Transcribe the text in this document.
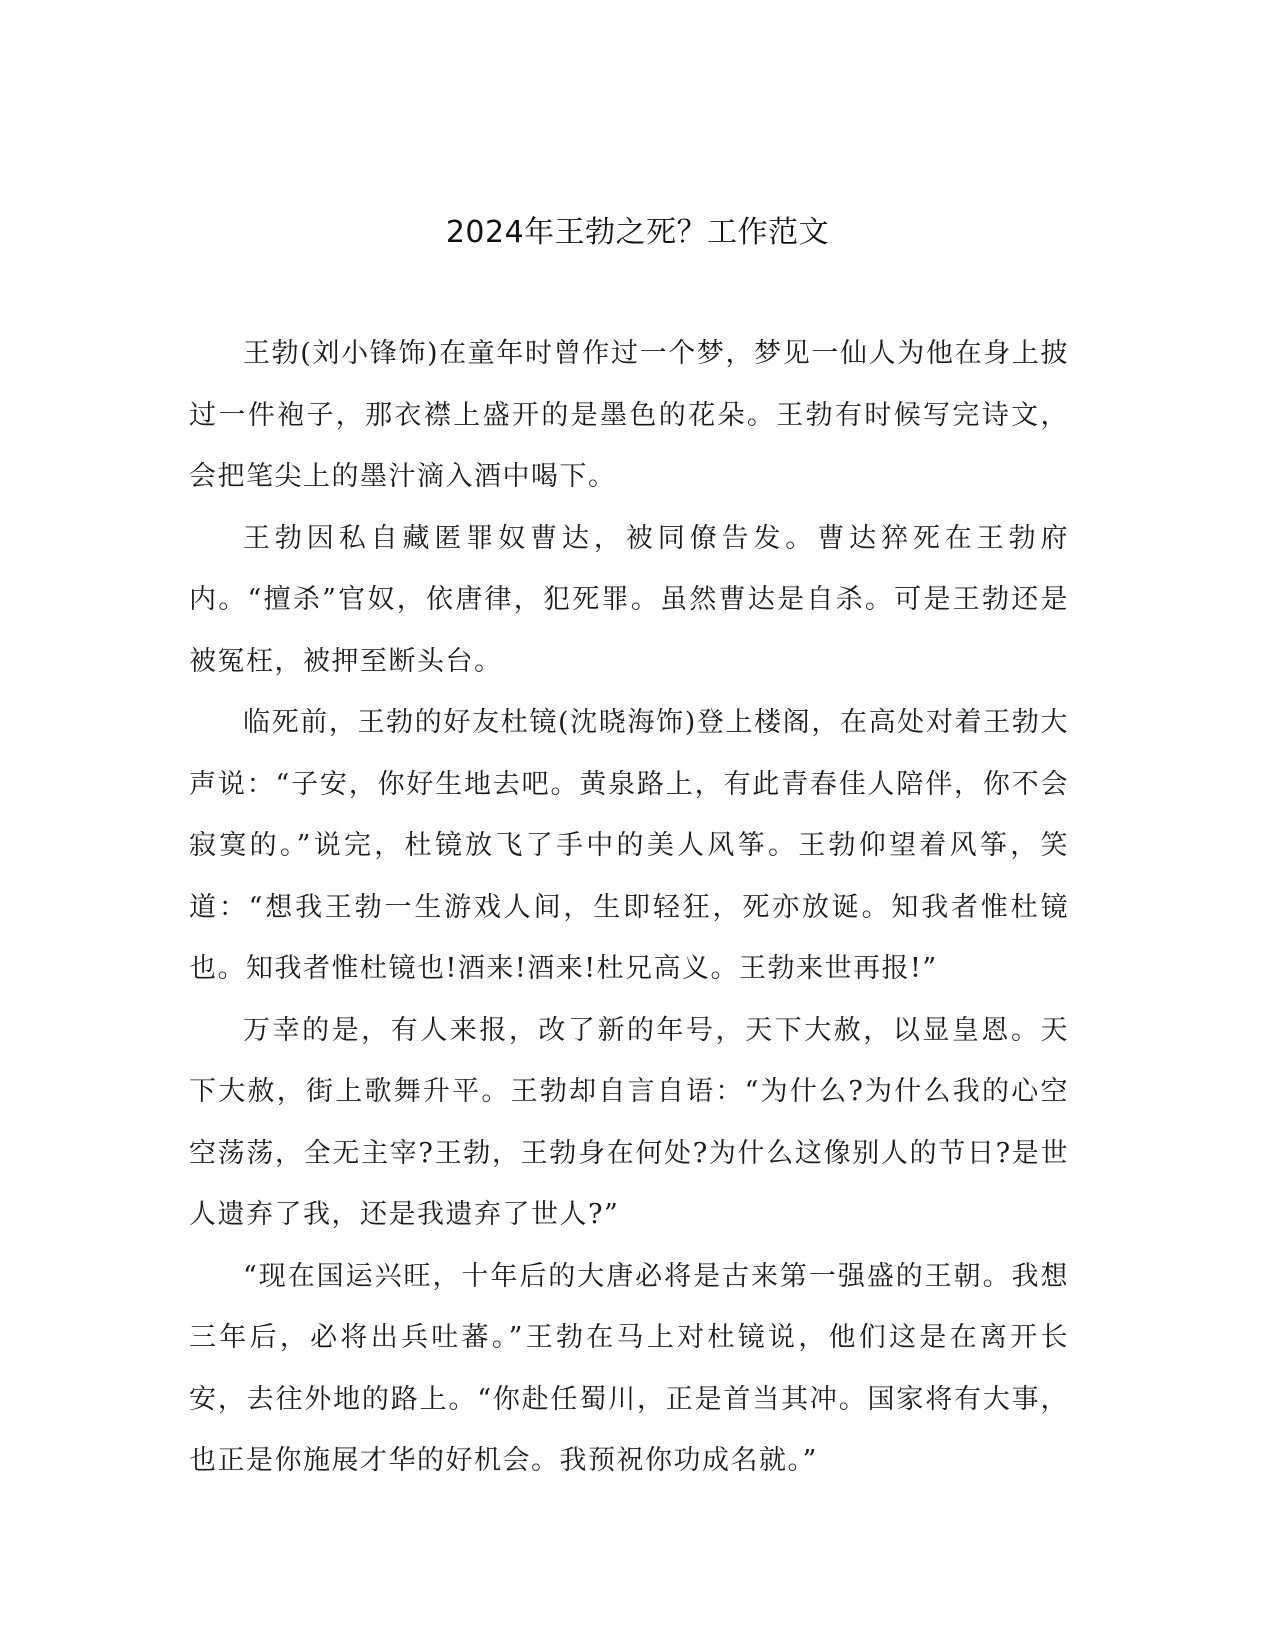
2024年王勃之死？工作范文

王勃(刘小锋饰)在童年时曾作过一个梦，梦见一仙人为他在身上披过一件袍子，那衣襟上盛开的是墨色的花朵。王勃有时候写完诗文，会把笔尖上的墨汁滴入酒中喝下。

王勃因私自藏匿罪奴曹达，被同僚告发。曹达猝死在王勃府内。“擅杀”官奴，依唐律，犯死罪。虽然曹达是自杀。可是王勃还是被冤枉，被押至断头台。

临死前，王勃的好友杜镜(沈晓海饰)登上楼阁，在高处对着王勃大声说：“子安，你好生地去吧。黄泉路上，有此青春佳人陪伴，你不会寂寞的。”说完，杜镜放飞了手中的美人风筝。王勃仰望着风筝，笑道：“想我王勃一生游戏人间，生即轻狂，死亦放诞。知我者惟杜镜也。知我者惟杜镜也!酒来!酒来!杜兄高义。王勃来世再报!”

万幸的是，有人来报，改了新的年号，天下大赦，以显皇恩。天下大赦，街上歌舞升平。王勃却自言自语：“为什么?为什么我的心空空荡荡，全无主宰?王勃，王勃身在何处?为什么这像别人的节日?是世人遗弃了我，还是我遗弃了世人?”

“现在国运兴旺，十年后的大唐必将是古来第一强盛的王朝。我想三年后，必将出兵吐蕃。”王勃在马上对杜镜说，他们这是在离开长安，去往外地的路上。“你赴任蜀川，正是首当其冲。国家将有大事，也正是你施展才华的好机会。我预祝你功成名就。”
